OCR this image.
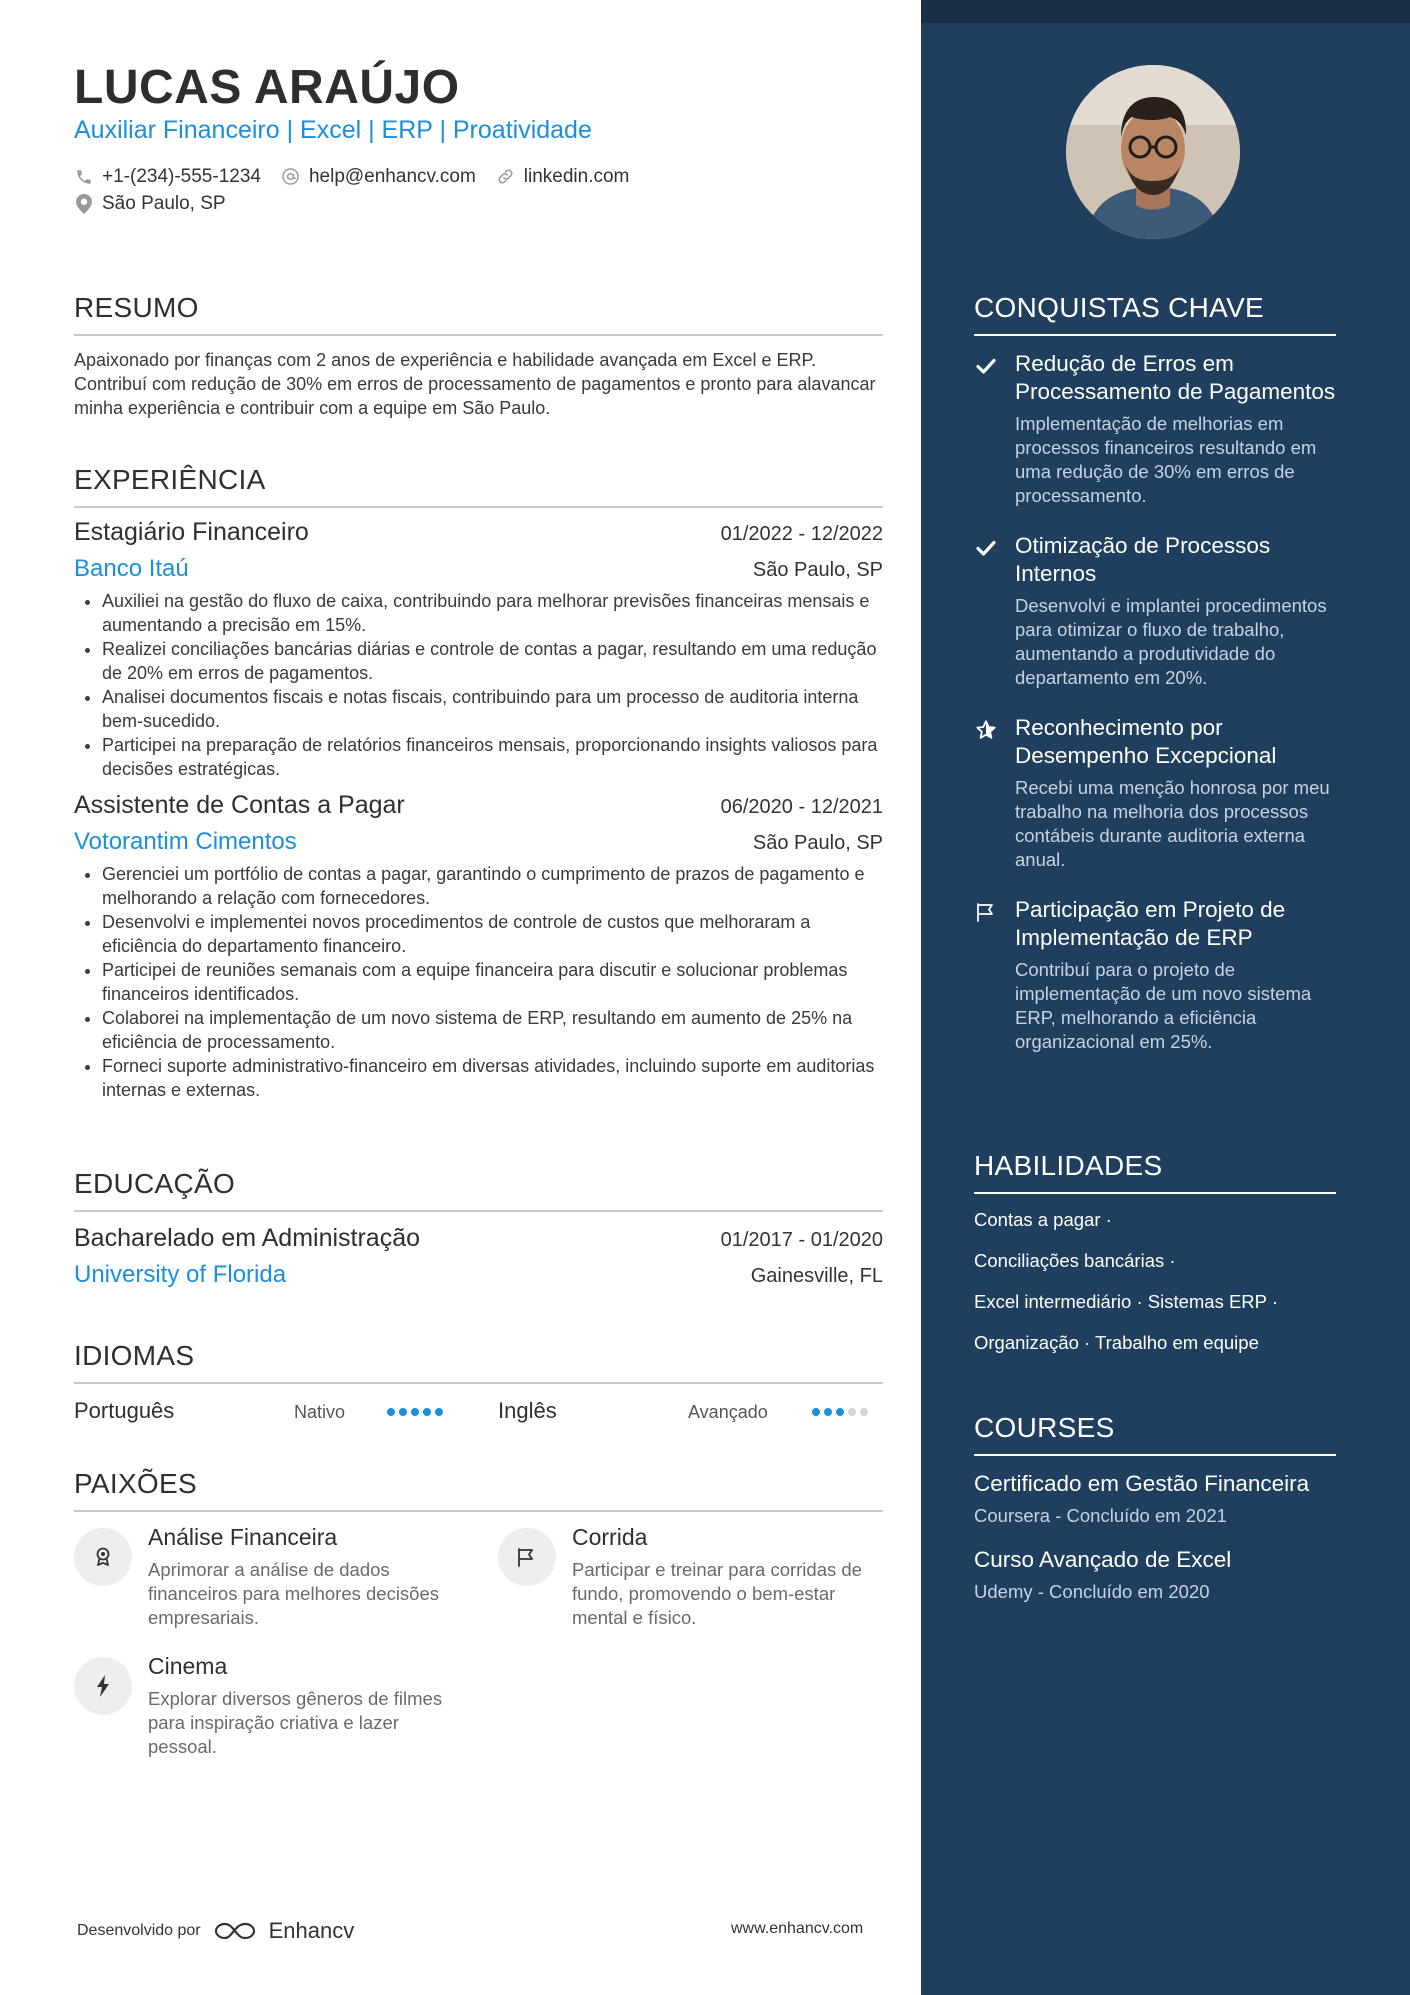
LUCAS ARAÚJO
Auxiliar Financeiro | Excel | ERP | Proatividade
+1-(234)-555-1234	help@enhancv.com	linkedin.com
São Paulo, SP
RESUMO
Apaixonado por finanças com 2 anos de experiência e habilidade avançada em Excel e ERP. Contribuí com redução de 30% em erros de processamento de pagamentos e pronto para alavancar minha experiência e contribuir com a equipe em São Paulo.
EXPERIÊNCIA
Estagiário Financeiro	01/2022 - 12/2022
Banco Itaú	São Paulo, SP
• Auxiliei na gestão do fluxo de caixa, contribuindo para melhorar previsões financeiras mensais e aumentando a precisão em 15%.
• Realizei conciliações bancárias diárias e controle de contas a pagar, resultando em uma redução de 20% em erros de pagamentos.
• Analisei documentos fiscais e notas fiscais, contribuindo para um processo de auditoria interna bem-sucedido.
• Participei na preparação de relatórios financeiros mensais, proporcionando insights valiosos para decisões estratégicas.
Assistente de Contas a Pagar	06/2020 - 12/2021
Votorantim Cimentos	São Paulo, SP
• Gerenciei um portfólio de contas a pagar, garantindo o cumprimento de prazos de pagamento e melhorando a relação com fornecedores.
• Desenvolvi e implementei novos procedimentos de controle de custos que melhoraram a eficiência do departamento financeiro.
• Participei de reuniões semanais com a equipe financeira para discutir e solucionar problemas financeiros identificados.
• Colaborei na implementação de um novo sistema de ERP, resultando em aumento de 25% na eficiência de processamento.
• Forneci suporte administrativo-financeiro em diversas atividades, incluindo suporte em auditorias internas e externas.
EDUCAÇÃO
Bacharelado em Administração	01/2017 - 01/2020
University of Florida	Gainesville, FL
IDIOMAS
Português	Nativo	Inglês	Avançado
PAIXÕES
Análise Financeira
Aprimorar a análise de dados financeiros para melhores decisões empresariais.
Corrida
Participar e treinar para corridas de fundo, promovendo o bem-estar mental e físico.
Cinema
Explorar diversos gêneros de filmes para inspiração criativa e lazer pessoal.
Desenvolvido por	Enhancv	www.enhancv.com
CONQUISTAS CHAVE
Redução de Erros em Processamento de Pagamentos
Implementação de melhorias em processos financeiros resultando em uma redução de 30% em erros de processamento.
Otimização de Processos Internos
Desenvolvi e implantei procedimentos para otimizar o fluxo de trabalho, aumentando a produtividade do departamento em 20%.
Reconhecimento por Desempenho Excepcional
Recebi uma menção honrosa por meu trabalho na melhoria dos processos contábeis durante auditoria externa anual.
Participação em Projeto de Implementação de ERP
Contribuí para o projeto de implementação de um novo sistema ERP, melhorando a eficiência organizacional em 25%.
HABILIDADES
Contas a pagar ·
Conciliações bancárias ·
Excel intermediário · Sistemas ERP ·
Organização · Trabalho em equipe
COURSES
Certificado em Gestão Financeira
Coursera - Concluído em 2021
Curso Avançado de Excel
Udemy - Concluído em 2020
